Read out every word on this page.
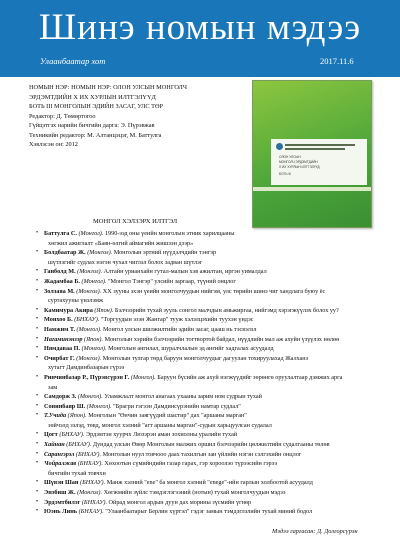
Шинэ номын мэдээ
Улаанбаатар хот	2017.11.6
НОМЫН НЭР: НОМЫН НЭР: ОЛОН УЛСЫН МОНГОЛЧ
ЭРДЭМТДИЙН Х ИХ ХУРЛЫН ИЛТГЭЛҮҮД
БОТЬ III МОНГОЛЫН ЭДИЙН ЗАСАГ, УЛС ТӨР
Редактор: Д. Төмөртогоо
Гүйцэтгэх нарийн бичгийн дарга: Э. Пүрэвжав
Техникийн редактор: М. Алтанцэцэг, М. Баттулга
Хэвлэсэн он: 2012
ОЛОН УЛСЫН
МОНГОЛЧ ЭРДЭМТДИЙН
Х ИХ ХУРЛЫН ИЛТГЭЛҮҮД
БОТЬ III
МОНГОЛ ХЭЛЗЭРХ ИЛТГЭЛ
• Баттулга С. (Монгол). 1990-ээд оны үеийн монголын этник харилцааны
хөгжил ажиглалт «Баян-өлгий аймагийн жишээн дээр»
• Болдбаатар Ж. (Монгол). Монголын эртний нүүдэлчдийн тэнгэр
шүтлэгийг судлах нэгэн чухал чиглэл болох задван шүтлэг
• Ганболд М. (Монгол). Алтайн урианхайн гутал-малын хэв ажилтан, иргэн уималдал
• Жадамбаа Б. (Монгол). "Монгол Тэнгэр" улсийн заргаар, түүний онцлог
• Золзаяа М. (Монгол). XX зууны эхэн үеийн монголчуудын нийгэм, улс төрийн шинэ чиг хандлага буюу ёс
суртахууны үнэлэмж
• Камимура Акира (Япон). Бэлчээрийн тухай зууль сонгол малчдын амьжиргаа, нийгэмд хэрэгжүүлэх болох уу?
• Монхоо Б. (БНХАУ). "Торгуудын эзэн Жангар" тууж хэлэлцэхийн туухэн үндэс
• Намжим Т. (Монгол). Монгол улсын шилжилтийн эдийн засаг, цааш нь тэсвэлэл
• Нагаминэнзэр (Япон). Монголын хэрийн бэлчээрийн тогтвортой байдал, нүүдлийн мал аж ахуйн үзүүлэх нөлөө
• Нямдаваа П. (Монгол). Монголын ангилал, шуралчлалын эд ангийг хадгалах асуудалд
• Очирбат Г. (Монгол). Монголын тулгар төрд баруун монголчуудыг дагуулан тохируулахад Жалханз
хутагт Дамдинбазарын гүрээ
• Ринчинбазар Р., Пүрэвсүрэн Г. (Монгол). Баруун бүсийн аж ахуй нэгжүүдийг зөрөнгө оруулалтаар дэмжих арга
зам
• Самдорж З. (Монгол). Уламжлалт монгол анагаах ухааны зарим ном судрын тухай
• Сонинбаяр Ш. (Монгол). "Брагри гэгээн Дамдинсүрэнийн намтар судлал"
• Т.Учида (Япон). Монголын "Өнчин заягүүдий шастир" дах "аршаны марган"
зөйчэлд зэлэд, төвд, монгол хэлний "агт аршаны марган"-судын харьцуулсан судалал
• Цогт (БНХАУ). Эрдэмтэн хуурчх Люзэрэн аман зохиолны уралийн тухай
• Хайнан (БНХАУ). Дундад улсын Өвөр Монголын малжих оршил бэлчээрийн цөлжилтийн судалгааны төлөв
• Сарангэрэл (БНХАУ). Монголын нуул товчооо даах тахилгын зан үйлийн нэгэн сэлгэхийн онцлог
• Чойралжав (БНХАУ). Хөхоотын сүмийндийн газар гарах, гэр хороолэо түрээсийн гэрээ
бичгийн тухай товчхн
• Шүвэн Шан (БНХАУ). Манж хэлний "ene" ба монгол хэлний "enege"-ийн гарлын холбоотой асуудалд
• Энэбиш Ж. (Монгол). Хөгжмийн зүйлс тэмдэглэгээний (нотын) тухай монголчуудын мэдээ
• Эрдэмтбилэг (БНХАУ). Ойрад монгол ардын дуун дах морины зүсмийн үгнөр
• Юэнь Линь (БНХАУ). "Улаанбаатарыг Берлин хүртэл" гэдэг замын тэмдэглэлийн тухай миний бодол
Мэдээ гаргасан: Д. Долгорсүрэн
